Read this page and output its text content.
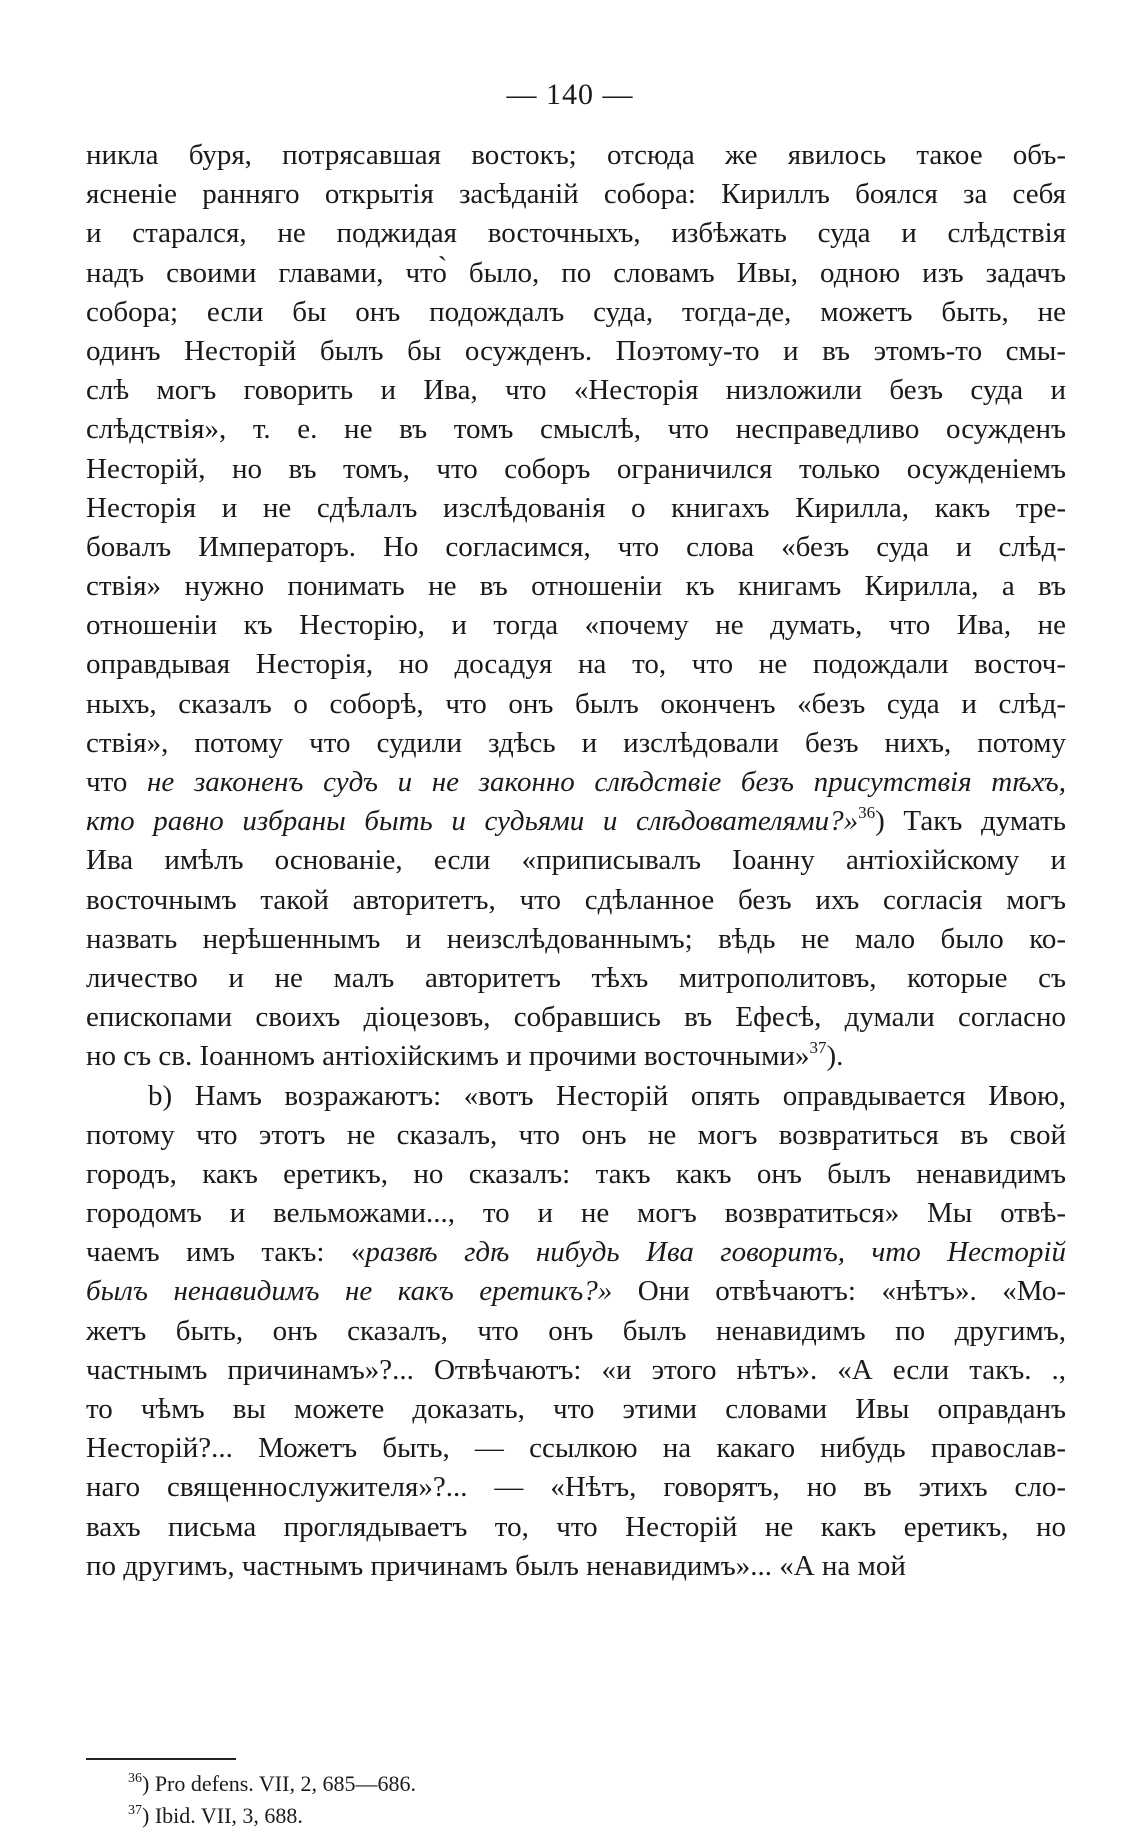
— 140 —
никла буря, потрясавшая востокъ; отсюда же явилось такое объ-
ясненіе ранняго открытія засѣданій собора: Кириллъ боялся за себя
и старался, не поджидая восточныхъ, избѣжать суда и слѣдствія
надъ своими главами, что̀ было, по словамъ Ивы, одною изъ задачъ
собора; если бы онъ подождалъ суда, тогда-де, можетъ быть, не
одинъ Несторій былъ бы осужденъ. Поэтому-то и въ этомъ-то смы-
слѣ могъ говорить и Ива, что «Несторія низложили безъ суда и
слѣдствія», т. е. не въ томъ смыслѣ, что несправедливо осужденъ
Несторій, но въ томъ, что соборъ ограничился только осужденіемъ
Несторія и не сдѣлалъ изслѣдованія о книгахъ Кирилла, какъ тре-
бовалъ Императоръ. Но согласимся, что слова «безъ суда и слѣд-
ствія» нужно понимать не въ отношеніи къ книгамъ Кирилла, а въ
отношеніи къ Несторію, и тогда «почему не думать, что Ива, не
оправдывая Несторія, но досадуя на то, что не подождали восточ-
ныхъ, сказалъ о соборѣ, что онъ былъ оконченъ «безъ суда и слѣд-
ствія», потому что судили здѣсь и изслѣдовали безъ нихъ, потому
что не законенъ судъ и не законно слѣдствіе безъ присутствія тѣхъ,
кто равно избраны быть и судьями и слѣдователями?»$^{36}$) Такъ думать
Ива имѣлъ основаніе, если «приписывалъ Іоанну антіохійскому и
восточнымъ такой авторитетъ, что сдѣланное безъ ихъ согласія могъ
назвать нерѣшеннымъ и неизслѣдованнымъ; вѣдь не мало было ко-
личество и не малъ авторитетъ тѣхъ митрополитовъ, которые съ
епископами своихъ діоцезовъ, собравшись въ Ефесѣ, думали согласно
но съ св. Іоанномъ антіохійскимъ и прочими восточными»$^{37}$).
b) Намъ возражаютъ: «вотъ Несторій опять оправдывается Ивою,
потому что этотъ не сказалъ, что онъ не могъ возвратиться въ свой
городъ, какъ еретикъ, но сказалъ: такъ какъ онъ былъ ненавидимъ
городомъ и вельможами..., то и не могъ возвратиться» Мы отвѣ-
чаемъ имъ такъ: «развѣ гдѣ нибудь Ива говоритъ, что Несторій
былъ ненавидимъ не какъ еретикъ?» Они отвѣчаютъ: «нѣтъ». «Мо-
жетъ быть, онъ сказалъ, что онъ былъ ненавидимъ по другимъ,
частнымъ причинамъ»?... Отвѣчаютъ: «и этого нѣтъ». «А если такъ. .,
то чѣмъ вы можете доказать, что этими словами Ивы оправданъ
Несторій?... Можетъ быть, — ссылкою на какаго нибудь православ-
наго священнослужителя»?... — «Нѣтъ, говорятъ, но въ этихъ сло-
вахъ письма проглядываетъ то, что Несторій не какъ еретикъ, но
по другимъ, частнымъ причинамъ былъ ненавидимъ»... «А на мой
$^{36}$) Pro defens. VII, 2, 685—686.
$^{37}$) Ibid. VII, 3, 688.
